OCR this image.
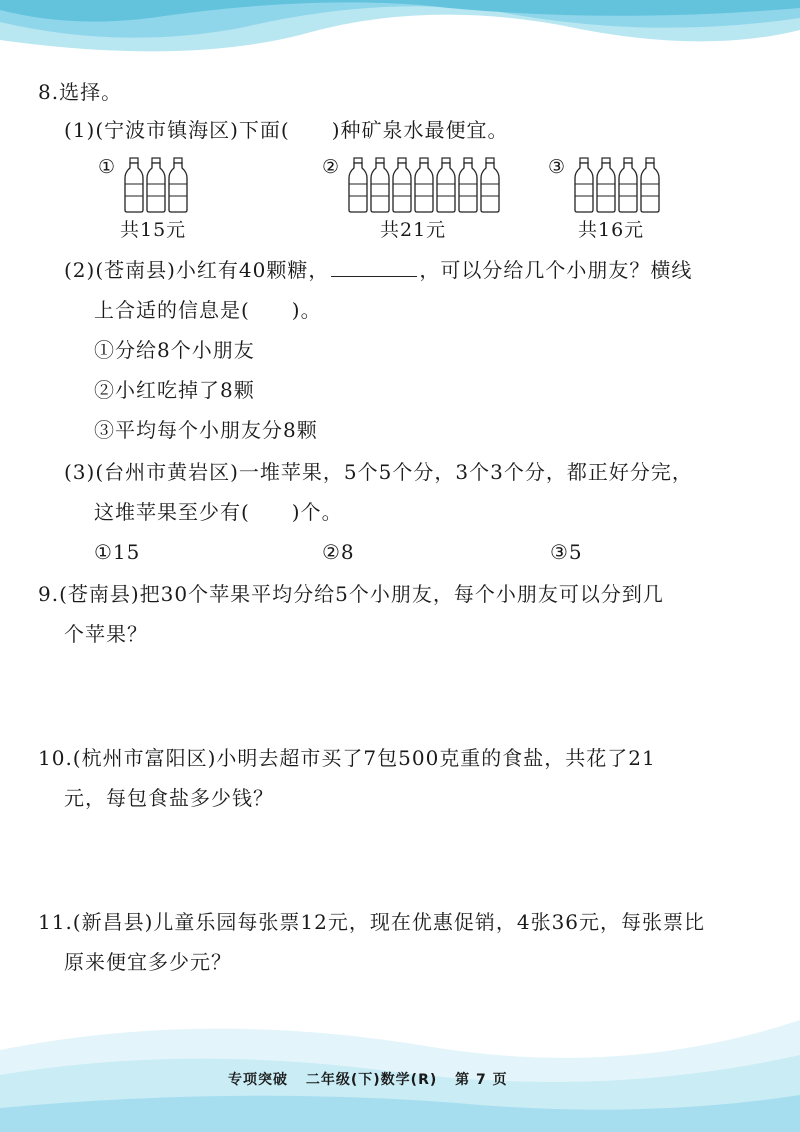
8.选择。
(1)(宁波市镇海区)下面(　　)种矿泉水最便宜。
①
共15元
②
共21元
③
共16元
(2)(苍南县)小红有40颗糖，	，可以分给几个小朋友？横线
上合适的信息是(　　)。
①分给8个小朋友
②小红吃掉了8颗
③平均每个小朋友分8颗
(3)(台州市黄岩区)一堆苹果，5个5个分，3个3个分，都正好分完，
这堆苹果至少有(　　)个。
①15	②8	③5
9.(苍南县)把30个苹果平均分给5个小朋友，每个小朋友可以分到几
个苹果？
10.(杭州市富阳区)小明去超市买了7包500克重的食盐，共花了21
元，每包食盐多少钱？
11.(新昌县)儿童乐园每张票12元，现在优惠促销，4张36元，每张票比
原来便宜多少元？
专项突破 二年级(下)数学(R) 第 7 页
